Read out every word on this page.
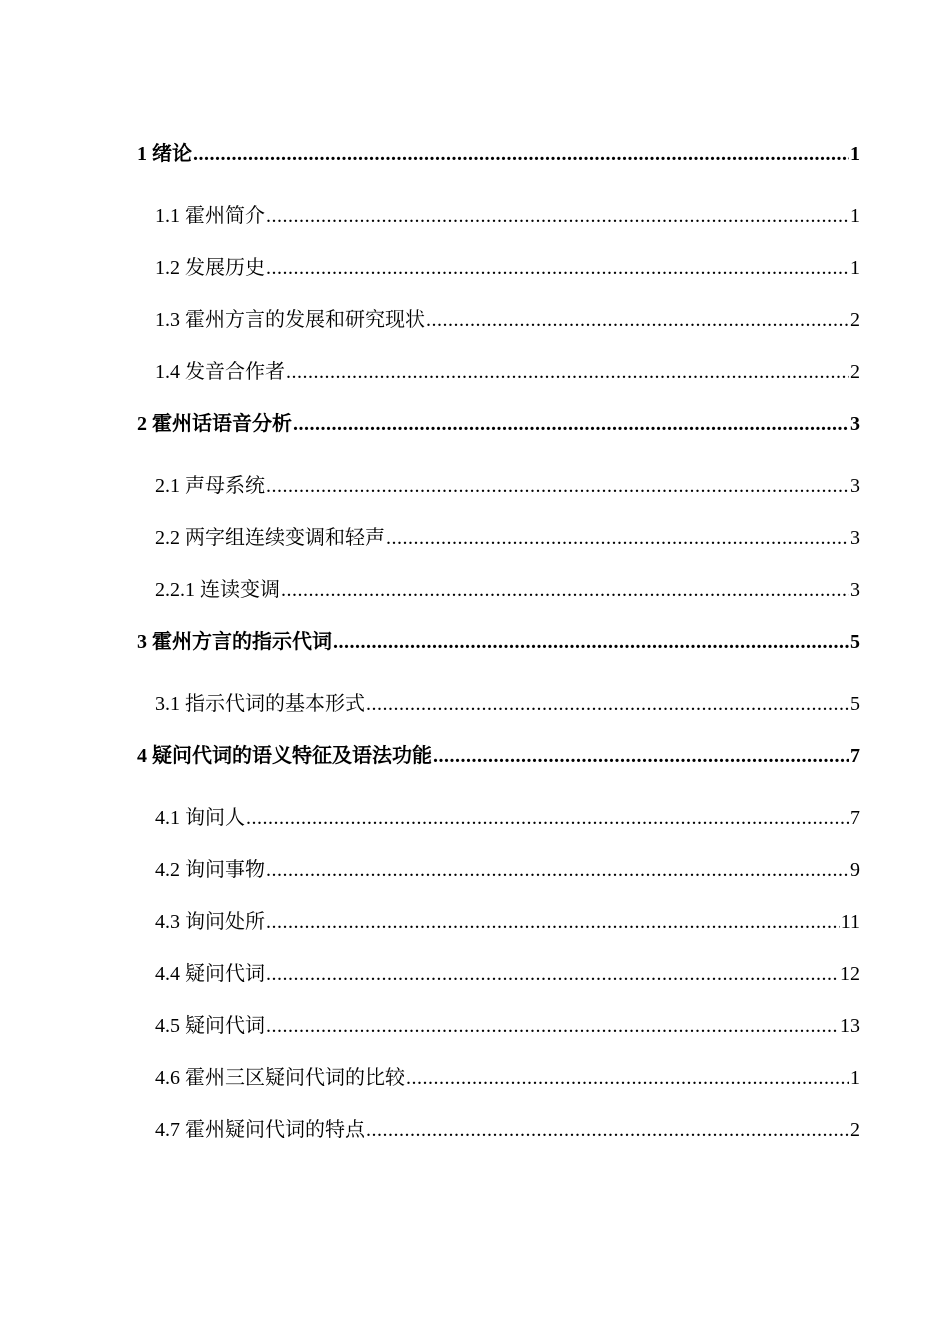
1 绪论 .....	1
1.1 霍州简介 .....	1
1.2 发展历史 .....	1
1.3 霍州方言的发展和研究现状 .....	2
1.4 发音合作者 .....	2
2 霍州话语音分析 .....	3
2.1 声母系统 .....	3
2.2 两字组连续变调和轻声 .....	3
2.2.1 连读变调 .....	3
3 霍州方言的指示代词 .....	5
3.1 指示代词的基本形式 .....	5
4 疑问代词的语义特征及语法功能 .....	7
4.1 询问人 .....	7
4.2 询问事物 .....	9
4.3 询问处所 .....	11
4.4 疑问代词 .....	12
4.5 疑问代词 .....	13
4.6 霍州三区疑问代词的比较 .....	1
4.7 霍州疑问代词的特点 .....	2
